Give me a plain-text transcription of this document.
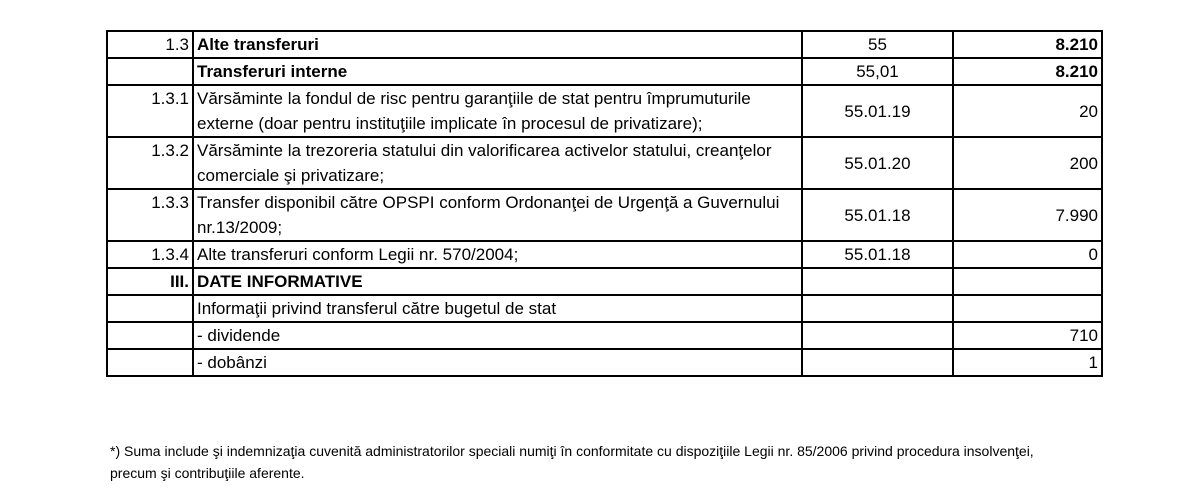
1.3	Alte transferuri	55	8.210
	Transferuri interne	55,01	8.210
1.3.1	Vărsăminte la fondul de risc pentru garanţiile de stat pentru împrumuturile externe (doar pentru instituţiile implicate în procesul de privatizare);	55.01.19	20
1.3.2	Vărsăminte la trezoreria statului din valorificarea activelor statului, creanţelor comerciale şi privatizare;	55.01.20	200
1.3.3	Transfer disponibil către OPSPI conform Ordonanţei de Urgenţă a Guvernului nr.13/2009;	55.01.18	7.990
1.3.4	Alte transferuri conform Legii nr. 570/2004;	55.01.18	0
III.	DATE INFORMATIVE		
	Informaţii privind transferul către bugetul de stat		
	- dividende		710
	- dobânzi		1
*) Suma include şi indemnizaţia cuvenită administratorilor speciali numiţi în conformitate cu dispoziţiile Legii nr. 85/2006 privind procedura insolvenţei, precum şi contribuţiile aferente.
